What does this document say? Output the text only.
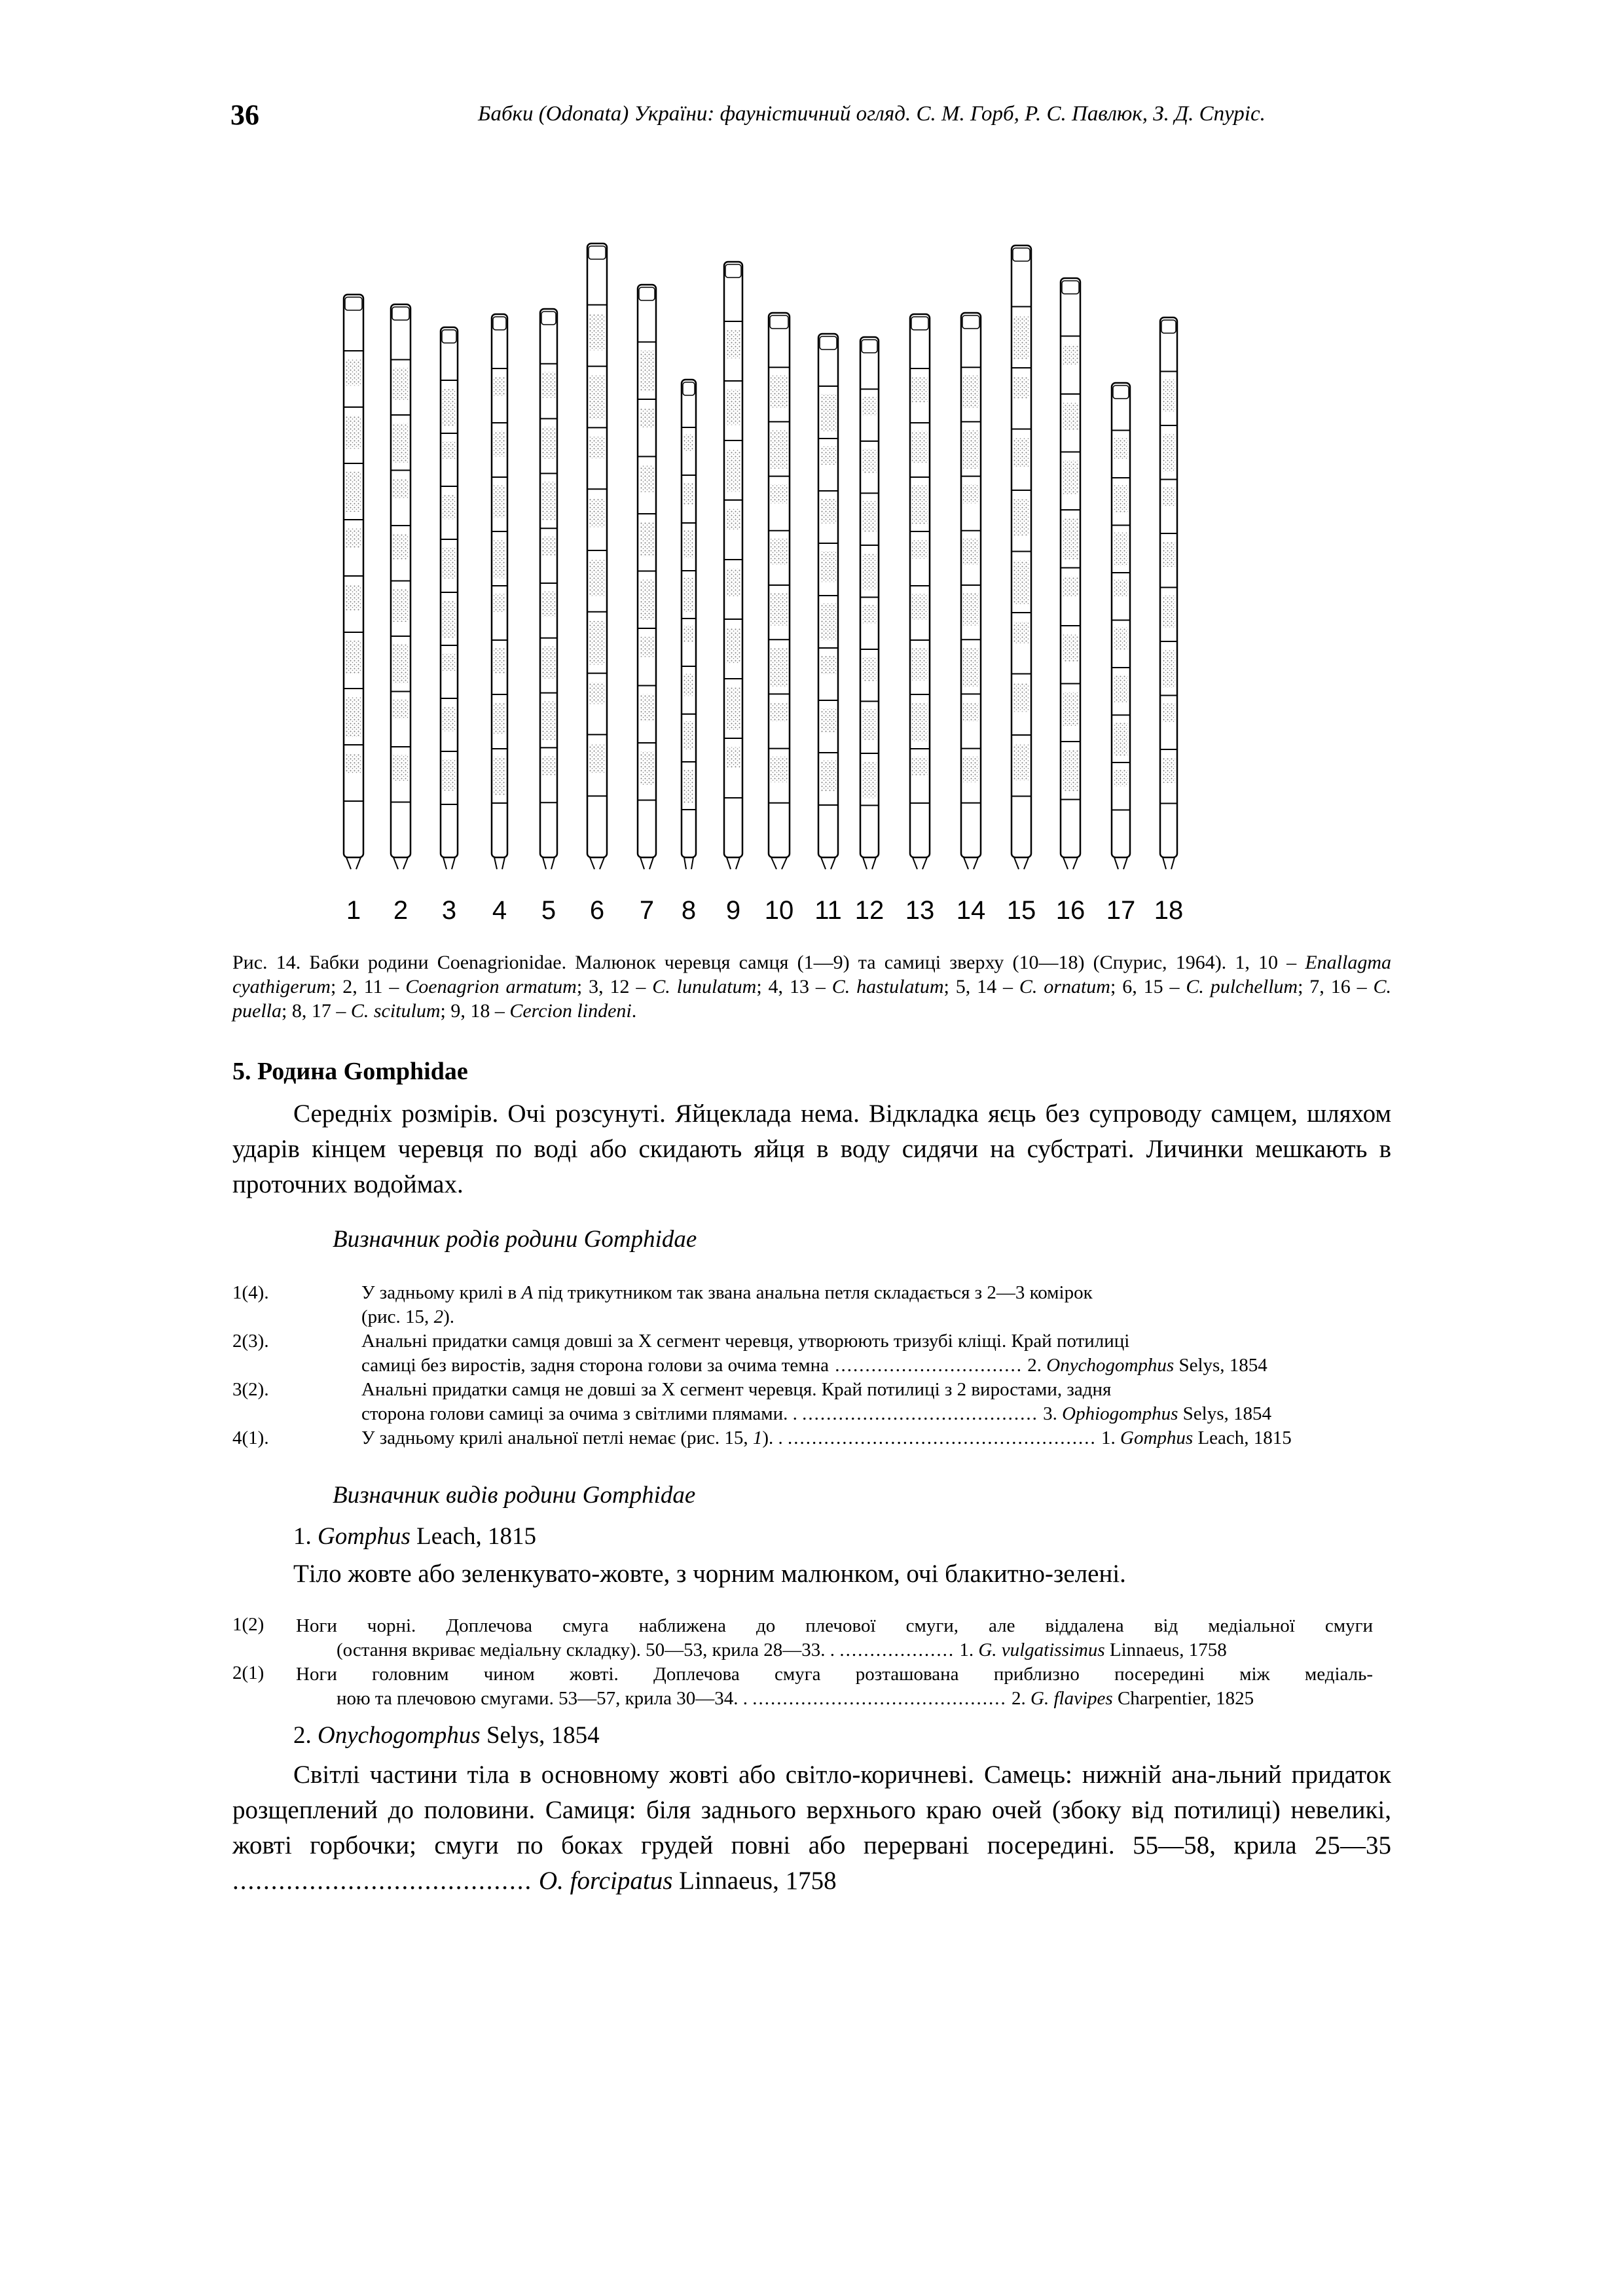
36	Бабки (Odonata) України: фауністичний огляд. С. М. Горб, Р. С. Павлюк, З. Д. Спуріс.
1 2 3 4 5 6 7 8 9 10 11 12 13 14 15 16 17 18
Рис. 14. Бабки родини Coenagrionidae. Малюнок черевця самця (1—9) та самиці зверху (10—18) (Спурис, 1964). 1, 10 – Enallagma cyathigerum; 2, 11 – Coenagrion armatum; 3, 12 – C. lunulatum; 4, 13 – C. hastulatum; 5, 14 – C. ornatum; 6, 15 – C. pulchellum; 7, 16 – C. puella; 8, 17 – C. scitulum; 9, 18 – Cercion lindeni.
5. Родина Gomphidae
Середніх розмірів. Очі розсунуті. Яйцеклада нема. Відкладка яєць без супроводу самцем, шляхом ударів кінцем черевця по воді або скидають яйця в воду сидячи на субстраті. Личинки мешкають в проточних водоймах.
Визначник родів родини Gomphidae
1(4).	У задньому крилі в А під трикутником так звана анальна петля складається з 2—3 комірок
(рис. 15, 2).
2(3).	Анальні придатки самця довші за X сегмент черевця, утворюють тризубі кліщі. Край потилиці
самиці без виростів, задня сторона голови за очима темна ............................... 2. Onychogomphus Selys, 1854
3(2).	Анальні придатки самця не довші за X сегмент черевця. Край потилиці з 2 виростами, задня
сторона голови самиці за очима з світлими плямами. . ....................................... 3. Ophiogomphus Selys, 1854
4(1).	У задньому крилі анальної петлі немає (рис. 15, 1). . ................................................... 1. Gomphus Leach, 1815
Визначник видів родини Gomphidae
1. Gomphus Leach, 1815
Тіло жовте або зеленкувато-жовте, з чорним малюнком, очі блакитно-зелені.
1(2) Ноги чорні. Доплечова смуга наближена до плечової смуги, але віддалена від медіальної смуги
(остання вкриває медіальну складку). 50—53, крила 28—33. . ................... 1. G. vulgatissimus Linnaeus, 1758
2(1) Ноги головним чином жовті. Доплечова смуга розташована приблизно посередині між медіаль-
ною та плечовою смугами. 53—57, крила 30—34. . .......................................... 2. G. flavipes Charpentier, 1825
2. Onychogomphus Selys, 1854
Світлі частини тіла в основному жовті або світло-коричневі. Самець: нижній ана-льний придаток розщеплений до половини. Самиця: біля заднього верхнього краю очей (збоку від потилиці) невеликі, жовті горбочки; смуги по боках грудей повні або перервані посередині. 55—58, крила 25—35 ....................................... O. forcipatus Linnaeus, 1758
